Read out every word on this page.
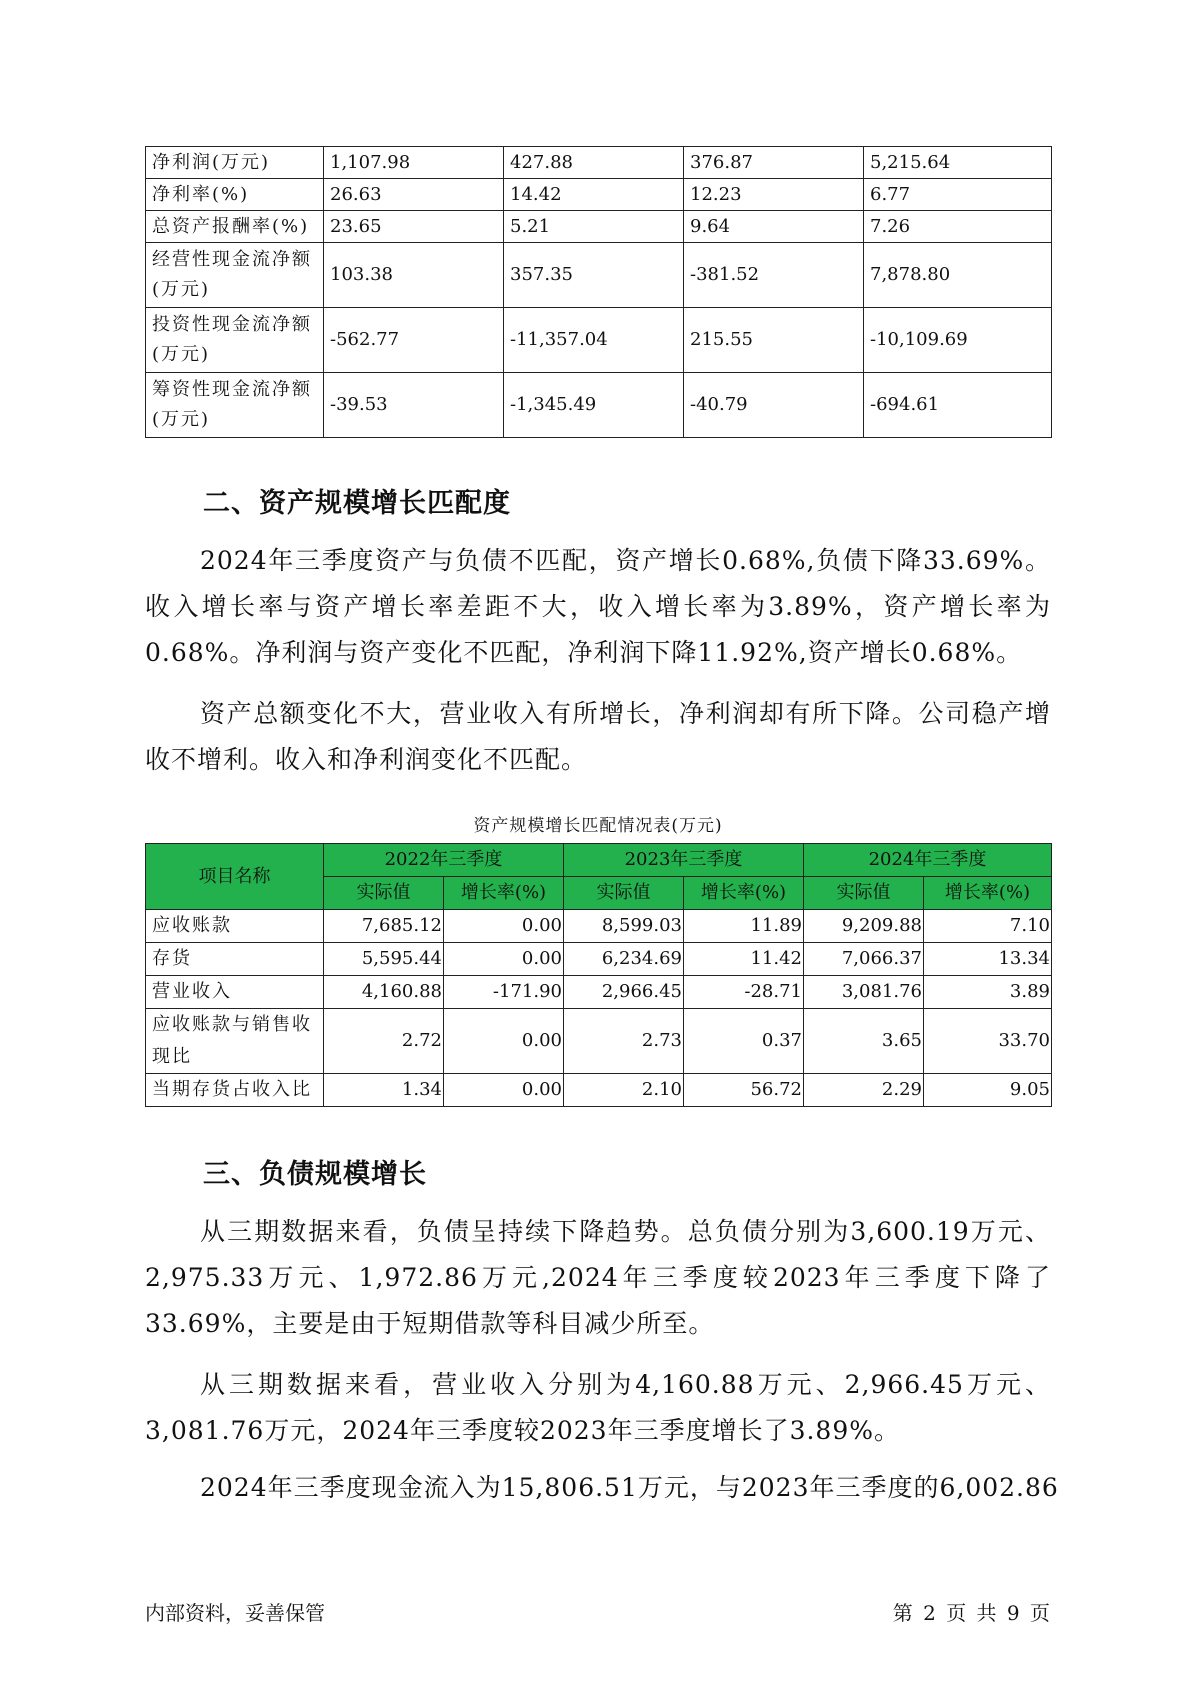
净利润(万元)	1,107.98	427.88	376.87	5,215.64
净利率(%)	26.63	14.42	12.23	6.77
总资产报酬率(%)	23.65	5.21	9.64	7.26
经营性现金流净额(万元)	103.38	357.35	-381.52	7,878.80
投资性现金流净额(万元)	-562.77	-11,357.04	215.55	-10,109.69
筹资性现金流净额(万元)	-39.53	-1,345.49	-40.79	-694.61
二、资产规模增长匹配度

2024年三季度资产与负债不匹配，资产增长0.68%,负债下降33.69%。收入增长率与资产增长率差距不大，收入增长率为3.89%，资产增长率为0.68%。净利润与资产变化不匹配，净利润下降11.92%,资产增长0.68%。

资产总额变化不大，营业收入有所增长，净利润却有所下降。公司稳产增收不增利。收入和净利润变化不匹配。

资产规模增长匹配情况表(万元)
项目名称	2022年三季度		2023年三季度		2024年三季度	
	实际值	增长率(%)	实际值	增长率(%)	实际值	增长率(%)
应收账款	7,685.12	0.00	8,599.03	11.89	9,209.88	7.10
存货	5,595.44	0.00	6,234.69	11.42	7,066.37	13.34
营业收入	4,160.88	-171.90	2,966.45	-28.71	3,081.76	3.89
应收账款与销售收现比	2.72	0.00	2.73	0.37	3.65	33.70
当期存货占收入比	1.34	0.00	2.10	56.72	2.29	9.05
三、负债规模增长

从三期数据来看，负债呈持续下降趋势。总负债分别为3,600.19万元、2,975.33万元、1,972.86万元,2024年三季度较2023年三季度下降了33.69%，主要是由于短期借款等科目减少所至。

从三期数据来看，营业收入分别为4,160.88万元、2,966.45万元、3,081.76万元，2024年三季度较2023年三季度增长了3.89%。

2024年三季度现金流入为15,806.51万元，与2023年三季度的6,002.86

内部资料，妥善保管	第 2 页 共 9 页
